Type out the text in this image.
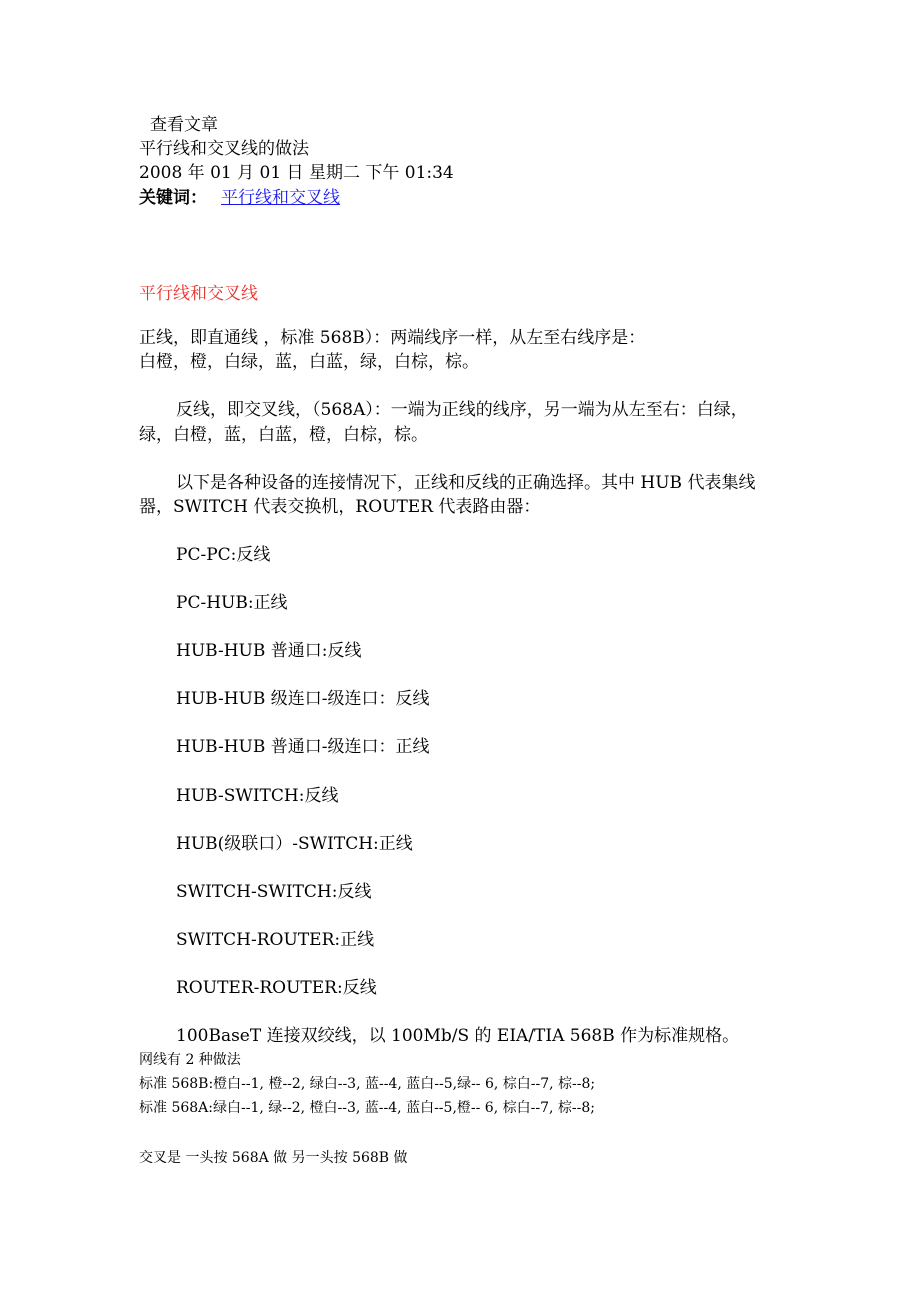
查看文章
平行线和交叉线的做法
2008 年 01 月 01 日 星期二 下午 01:34
关键词： 平行线和交叉线
平行线和交叉线
正线，即直通线 ，标准 568B）：两端线序一样，从左至右线序是：
白橙，橙，白绿，蓝，白蓝，绿，白棕，棕。
反线，即交叉线，（568A）：一端为正线的线序，另一端为从左至右：白绿，
绿，白橙，蓝，白蓝，橙，白棕，棕。
以下是各种设备的连接情况下，正线和反线的正确选择。其中 HUB 代表集线
器，SWITCH 代表交换机，ROUTER 代表路由器：
PC-PC:反线
PC-HUB:正线
HUB-HUB 普通口:反线
HUB-HUB 级连口-级连口：反线
HUB-HUB 普通口-级连口：正线
HUB-SWITCH:反线
HUB(级联口）-SWITCH:正线
SWITCH-SWITCH:反线
SWITCH-ROUTER:正线
ROUTER-ROUTER:反线
100BaseT 连接双绞线，以 100Mb/S 的 EIA/TIA 568B 作为标准规格。
网线有 2 种做法
标准 568B:橙白--1, 橙--2, 绿白--3, 蓝--4, 蓝白--5,绿-- 6, 棕白--7, 棕--8;
标准 568A:绿白--1, 绿--2, 橙白--3, 蓝--4, 蓝白--5,橙-- 6, 棕白--7, 棕--8;
交叉是 一头按 568A 做 另一头按 568B 做
